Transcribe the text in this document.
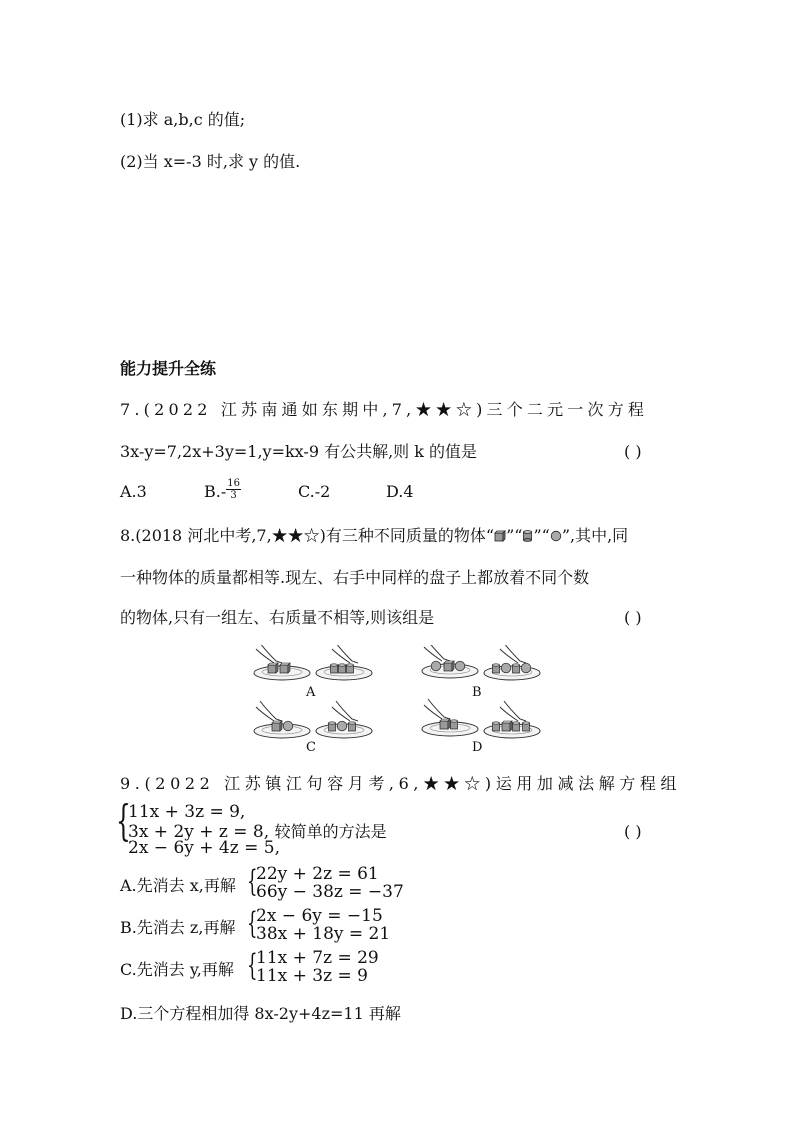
(1)求 a,b,c 的值;
(2)当 x=-3 时,求 y 的值.
能力提升全练
7.(2022 江苏南通如东期中,7,★★☆)三个二元一次方程
3x-y=7,2x+3y=1,y=kx-9 有公共解,则 k 的值是	( )
A.3	$B.- \frac{16}{3}$	C.-2	D.4
8.(2018 河北中考,7,★★☆)有三种不同质量的物体“ ”“ ”“ ”,其中,同
一种物体的质量都相等.现左、右手中同样的盘子上都放着不同个数
的物体,只有一组左、右质量不相等,则该组是	( )
A	B
C	D
9.(2022 江苏镇江句容月考,6,★★☆)运用加减法解方程组
{
11x + 3z = 9,
3x + 2y + z = 8, 较简单的方法是
2x − 6y + 4z = 5,
( )
A.先消去 x,再解 {
22y + 2z = 61
66y − 38z = −37
B.先消去 z,再解 {
2x − 6y = −15
38x + 18y = 21
C.先消去 y,再解 {
11x + 7z = 29
11x + 3z = 9
D.三个方程相加得 8x-2y+4z=11 再解
